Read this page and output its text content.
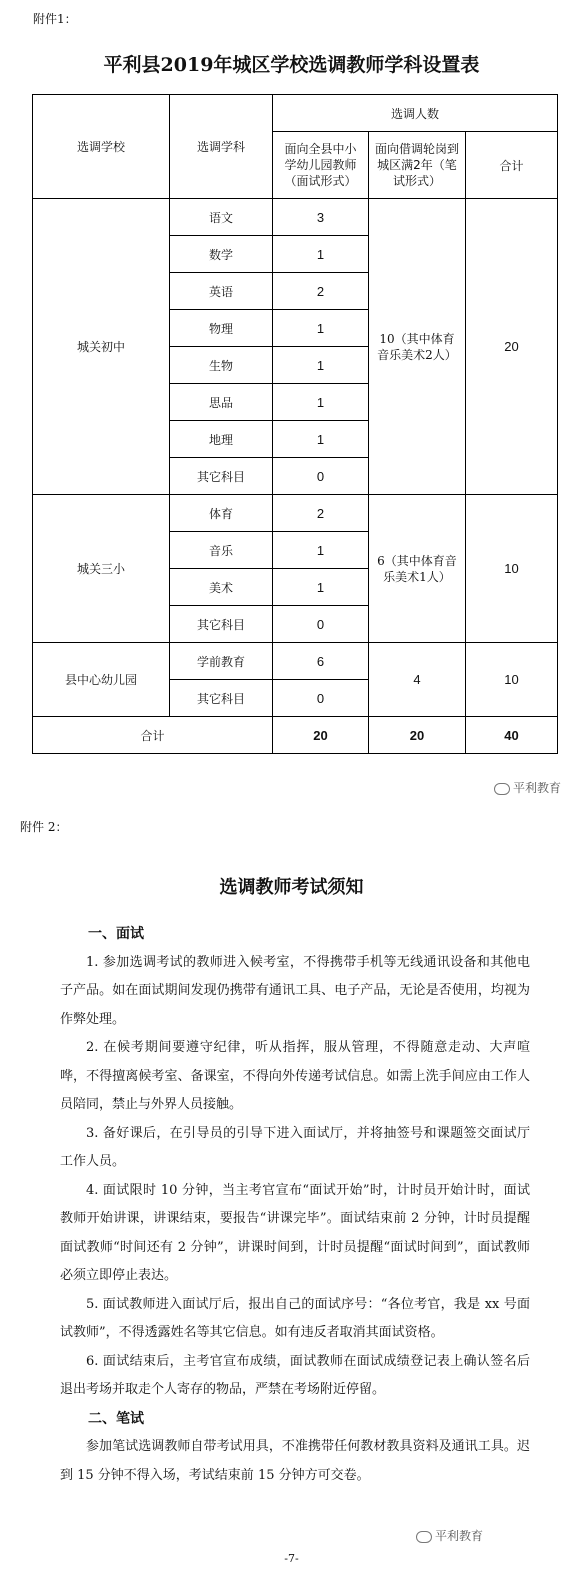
附件1：
平利县2019年城区学校选调教师学科设置表
选调学校	选调学科	选调人数		
		面向全县中小学幼儿园教师（面试形式）	面向借调轮岗到城区满2年（笔试形式）	合计
城关初中	语文	3	10（其中体育音乐美术2人）	20
	数学	1		
	英语	2		
	物理	1		
	生物	1		
	思品	1		
	地理	1		
	其它科目	0		
城关三小	体育	2	6（其中体育音乐美术1人）	10
	音乐	1		
	美术	1		
	其它科目	0		
县中心幼儿园	学前教育	6	4	10
	其它科目	0		
合计		20	20	40
平利教育
附件 2：
选调教师考试须知
一、面试

1. 参加选调考试的教师进入候考室，不得携带手机等无线通讯设备和其他电子产品。如在面试期间发现仍携带有通讯工具、电子产品，无论是否使用，均视为作弊处理。

2. 在候考期间要遵守纪律，听从指挥，服从管理，不得随意走动、大声喧哗，不得擅离候考室、备课室，不得向外传递考试信息。如需上洗手间应由工作人员陪同，禁止与外界人员接触。

3. 备好课后，在引导员的引导下进入面试厅，并将抽签号和课题签交面试厅工作人员。

4. 面试限时 10 分钟，当主考官宣布“面试开始”时，计时员开始计时，面试教师开始讲课，讲课结束，要报告“讲课完毕”。面试结束前 2 分钟，计时员提醒面试教师“时间还有 2 分钟”，讲课时间到，计时员提醒“面试时间到”，面试教师必须立即停止表达。

5. 面试教师进入面试厅后，报出自己的面试序号：“各位考官，我是 xx 号面试教师”，不得透露姓名等其它信息。如有违反者取消其面试资格。

6. 面试结束后，主考官宣布成绩，面试教师在面试成绩登记表上确认签名后退出考场并取走个人寄存的物品，严禁在考场附近停留。

二、笔试

参加笔试选调教师自带考试用具，不准携带任何教材教具资料及通讯工具。迟到 15 分钟不得入场，考试结束前 15 分钟方可交卷。

平利教育
-7-
